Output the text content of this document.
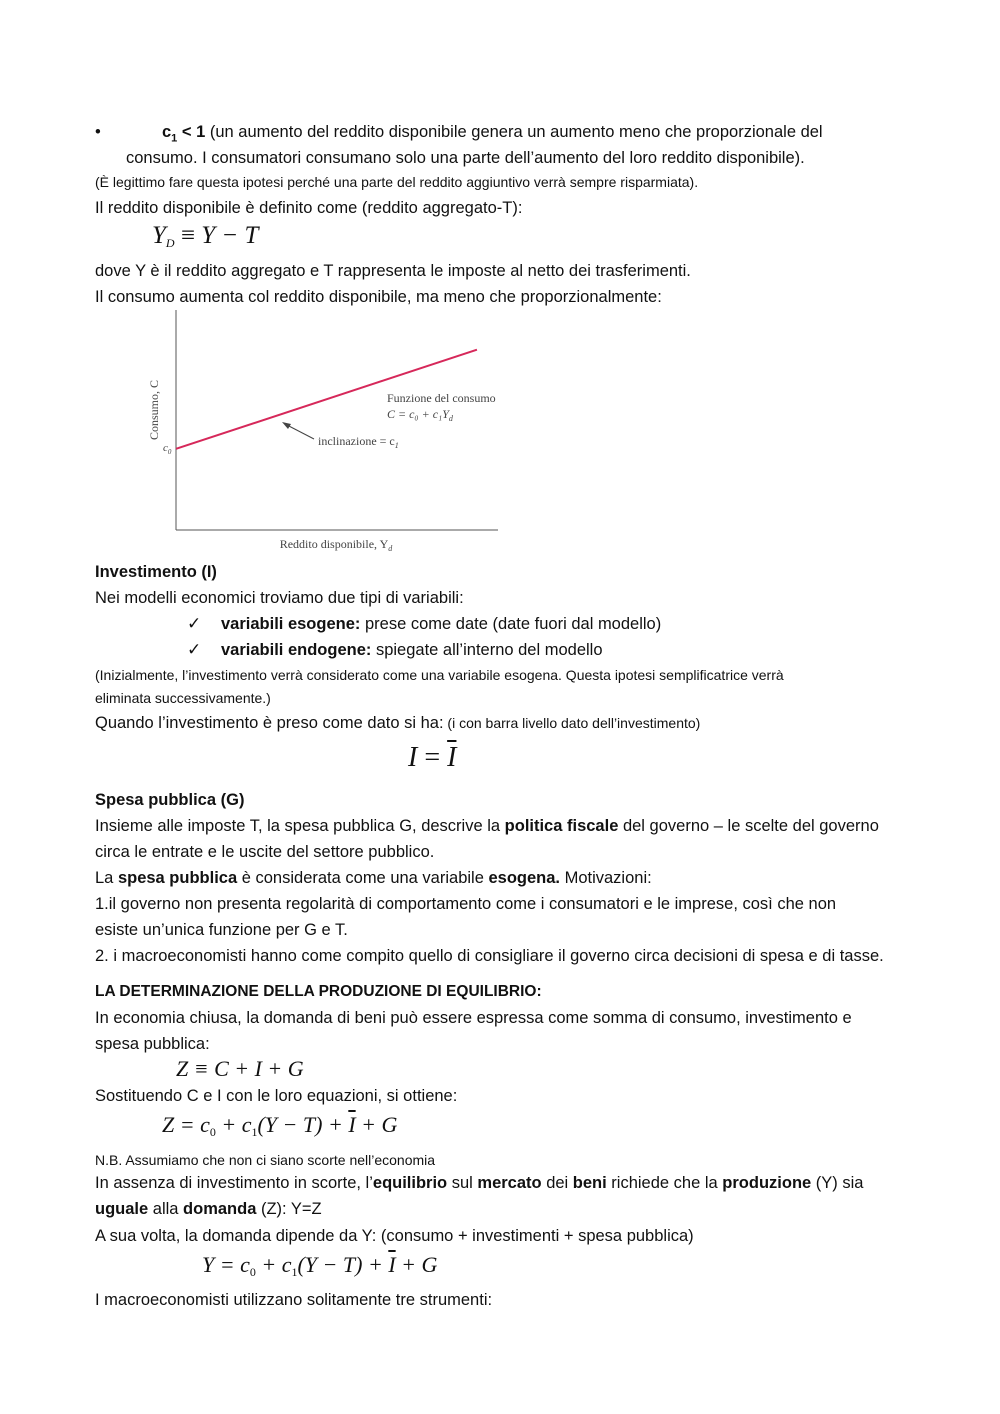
•	$c_1 < 1$ (un aumento del reddito disponibile genera un aumento meno che proporzionale del
consumo. I consumatori consumano solo una parte dell’aumento del loro reddito disponibile).
(È legittimo fare questa ipotesi perché una parte del reddito aggiuntivo verrà sempre risparmiata).
Il reddito disponibile è definito come (reddito aggregato-T):
$Y_D \equiv Y - T$
dove Y è il reddito aggregato e T rappresenta le imposte al netto dei trasferimenti.
Il consumo aumenta col reddito disponibile, ma meno che proporzionalmente:
Consumo, C
$c_0$
Funzione del consumo
$C = c_0 + c_1Y_d$
inclinazione = $c_1$
Reddito disponibile, $Y_d$
Investimento (I)
Nei modelli economici troviamo due tipi di variabili:
✓ variabili esogene: prese come date (date fuori dal modello)
✓ variabili endogene: spiegate all’interno del modello
(Inizialmente, l’investimento verrà considerato come una variabile esogena. Questa ipotesi semplificatrice verrà
eliminata successivamente.)
Quando l’investimento è preso come dato si ha: (i con barra livello dato dell’investimento)
$I = \overline{I}$
Spesa pubblica (G)
Insieme alle imposte T, la spesa pubblica G, descrive la politica fiscale del governo – le scelte del governo
circa le entrate e le uscite del settore pubblico.
La spesa pubblica è considerata come una variabile esogena. Motivazioni:
1.il governo non presenta regolarità di comportamento come i consumatori e le imprese, così che non
esiste un’unica funzione per G e T.
2. i macroeconomisti hanno come compito quello di consigliare il governo circa decisioni di spesa e di tasse.
LA DETERMINAZIONE DELLA PRODUZIONE DI EQUILIBRIO:
In economia chiusa, la domanda di beni può essere espressa come somma di consumo, investimento e
spesa pubblica:
Z ≡ C + I + G
Sostituendo C e I con le loro equazioni, si ottiene:
$Z = c_0 + c_1(Y - T) + \overline{I} + G$
N.B. Assumiamo che non ci siano scorte nell’economia
In assenza di investimento in scorte, l’equilibrio sul mercato dei beni richiede che la produzione (Y) sia
uguale alla domanda (Z): Y=Z
A sua volta, la domanda dipende da Y: (consumo + investimenti + spesa pubblica)
$Y = c_0 + c_1(Y - T) + \overline{I} + G$
I macroeconomisti utilizzano solitamente tre strumenti:
